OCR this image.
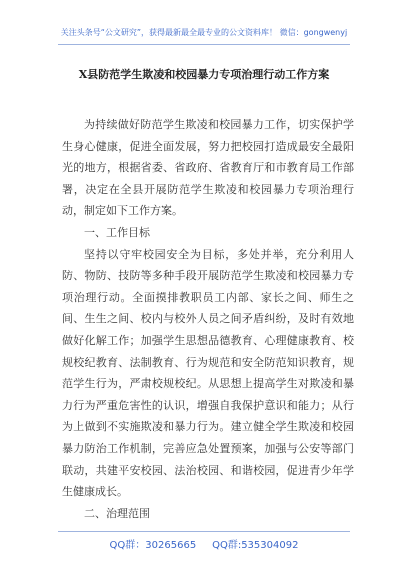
关注头条号“公文研究”，获得最新最全最专业的公文资料库！ 微信：gongwenyj
X县防范学生欺凌和校园暴力专项治理行动工作方案

为持续做好防范学生欺凌和校园暴力工作，切实保护学生身心健康，促进全面发展，努力把校园打造成最安全最阳光的地方，根据省委、省政府、省教育厅和市教育局工作部署，决定在全县开展防范学生欺凌和校园暴力专项治理行动，制定如下工作方案。

一、工作目标

坚持以守牢校园安全为目标，多处并举，充分利用人防、物防、技防等多种手段开展防范学生欺凌和校园暴力专项治理行动。全面摸排教职员工内部、家长之间、师生之间、生生之间、校内与校外人员之间矛盾纠纷，及时有效地做好化解工作；加强学生思想品德教育、心理健康教育、校规校纪教育、法制教育、行为规范和安全防范知识教育，规范学生行为，严肃校规校纪。从思想上提高学生对欺凌和暴力行为严重危害性的认识，增强自我保护意识和能力；从行为上做到不实施欺凌和暴力行为。建立健全学生欺凌和校园暴力防治工作机制，完善应急处置预案，加强与公安等部门联动，共建平安校园、法治校园、和谐校园，促进青少年学生健康成长。

二、治理范围

QQ群：30265665     QQ群:535304092
